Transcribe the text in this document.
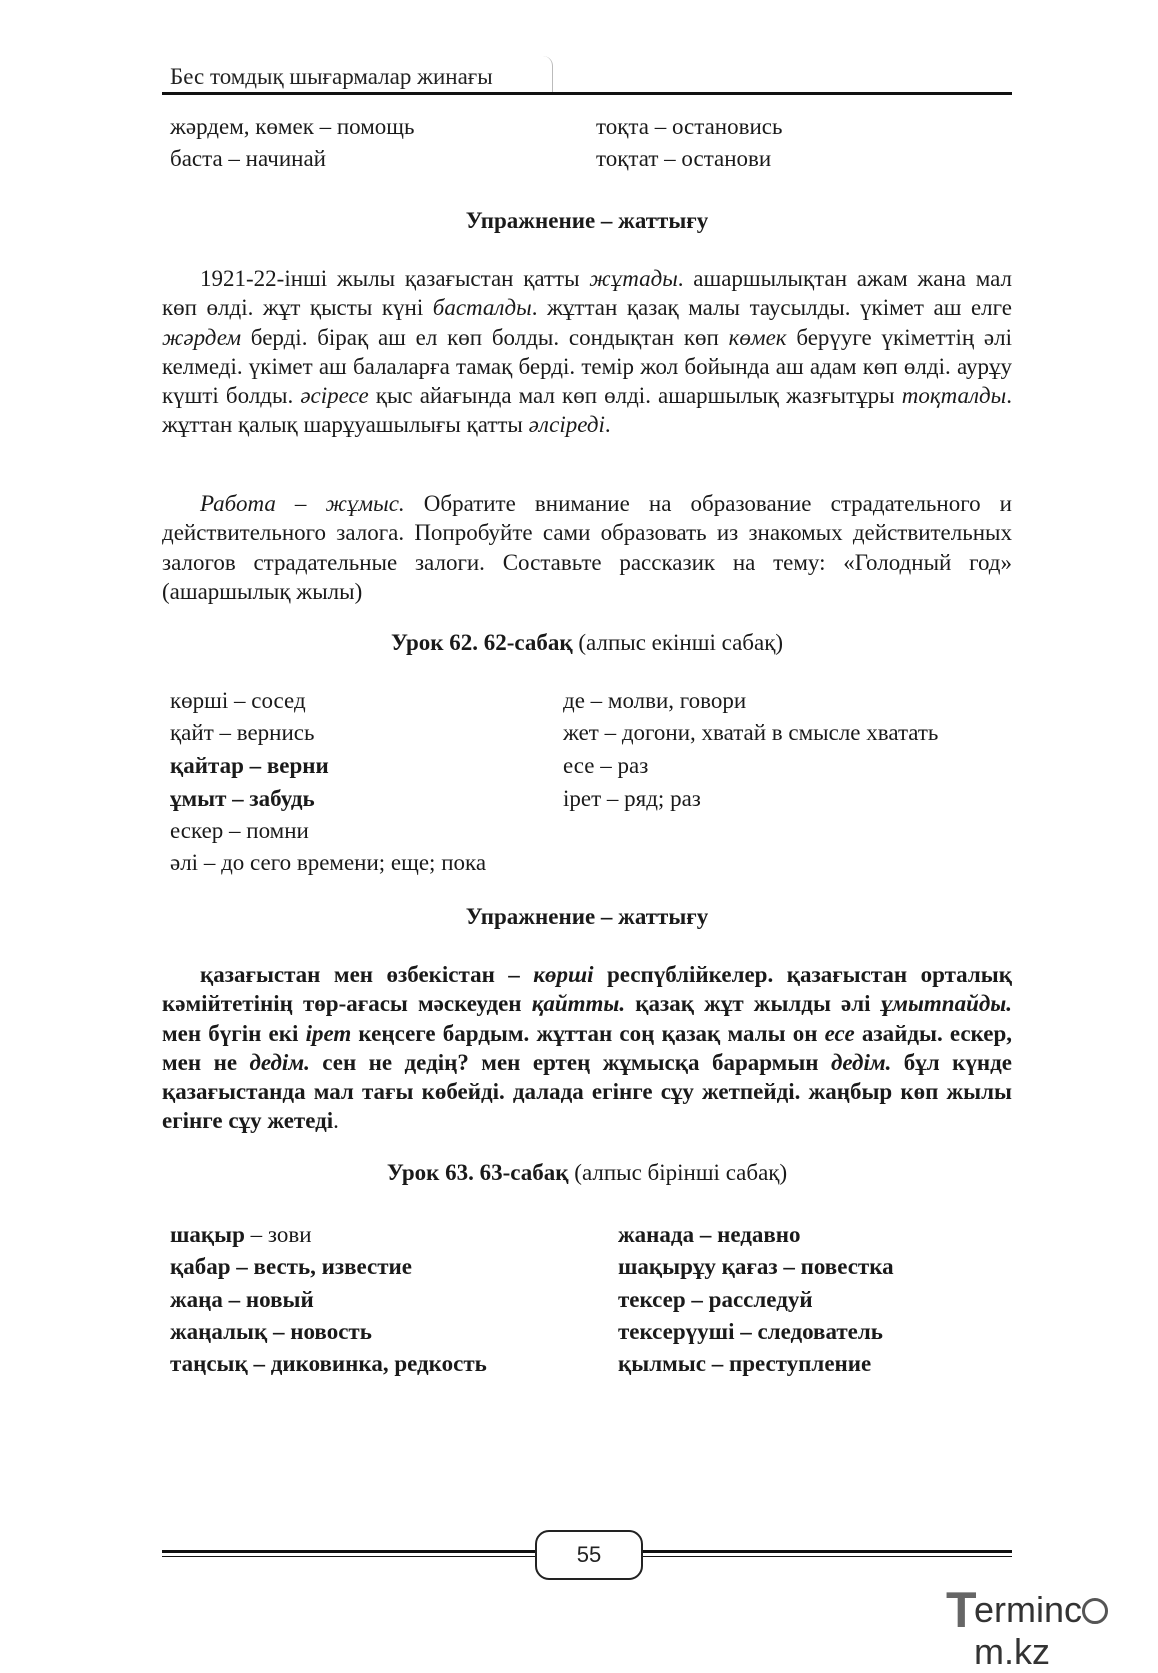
Бес томдық шығармалар жинағы
жәрдем, көмек – помощь
баста – начинай
тоқта – остановись
тоқтат – останови
Упражнение – жаттығу

1921-22-інші жылы қазағыстан қатты жұтады. ашаршылықтан ажам жана мал көп өлді. жұт қысты күні басталды. жұттан қазақ малы таусылды. үкімет аш елге жәрдем берді. бірақ аш ел көп болды. сондықтан көп көмек берүуге үкіметтің әлі келмеді. үкімет аш балаларға тамақ берді. темір жол бойында аш адам көп өлді. аурұу күшті болды. әсіресе қыс айағында мал көп өлді. ашаршылық жазғытұры тоқталды. жұттан қалық шарұуашылығы қатты әлсіреді.

Работа – жұмыс. Обратите внимание на образование страдательного и действительного залога. Попробуйте сами образовать из знакомых действительных залогов страдательные залоги. Составьте рассказик на тему: «Голодный год» (ашаршылық жылы)

Урок 62. 62-сабақ (алпыс екінші сабақ)
көрші – сосед
қайт – вернись
қайтар – верни
ұмыт – забудь
ескер – помни
әлі – до сего времени; еще; пока
де – молви, говори
жет – догони, хватай в смысле хватать
есе – раз
ірет – ряд; раз
Упражнение – жаттығу

қазағыстан мен өзбекістан – көрші респүблійкелер. қазағыстан орталық кәмійтетінің төр-ағасы мәскеуден қайтты. қазақ жұт жылды әлі ұмытпайды. мен бүгін екі ірет кеңсеге бардым. жұттан соң қазақ малы он есе азайды. ескер, мен не дедім. сен не дедің? мен ертең жұмысқа барармын дедім. бұл күнде қазағыстанда мал тағы көбейді. далада егінге сұу жетпейді. жаңбыр көп жылы егінге сұу жетеді.

Урок 63. 63-сабақ (алпыс бірінші сабақ)
шақыр – зови
қабар – весть, известие
жаңа – новый
жаңалық – новость
таңсық – диковинка, редкость
жанада – недавно
шақырұу қағаз – повестка
тексер – расследуй
тексерүуші – следователь
қылмыс – преступление
55
T
ermincm.kz
